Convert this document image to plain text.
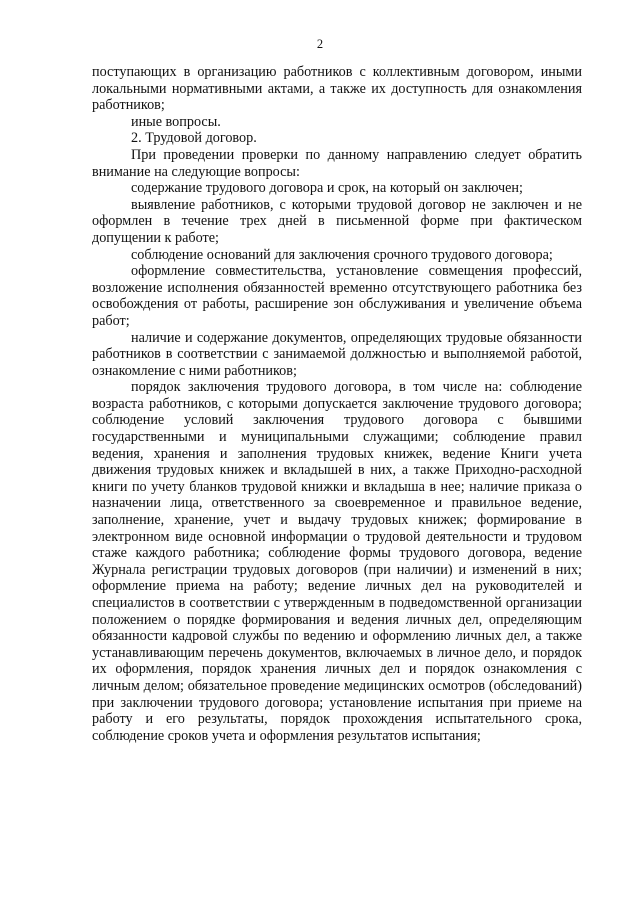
2

поступающих в организацию работников с коллективным договором, иными локальными нормативными актами, а также их доступность для ознакомления работников;

иные вопросы.

2. Трудовой договор.

При проведении проверки по данному направлению следует обратить внимание на следующие вопросы:

содержание трудового договора и срок, на который он заключен;

выявление работников, с которыми трудовой договор не заключен и не оформлен в течение трех дней в письменной форме при фактическом допущении к работе;

соблюдение оснований для заключения срочного трудового договора;

оформление совместительства, установление совмещения профессий, возложение исполнения обязанностей временно отсутствующего работника без освобождения от работы, расширение зон обслуживания и увеличение объема работ;

наличие и содержание документов, определяющих трудовые обязанности работников в соответствии с занимаемой должностью и выполняемой работой, ознакомление с ними работников;

порядок заключения трудового договора, в том числе на: соблюдение возраста работников, с которыми допускается заключение трудового договора; соблюдение условий заключения трудового договора с бывшими государственными и муниципальными служащими; соблюдение правил ведения, хранения и заполнения трудовых книжек, ведение Книги учета движения трудовых книжек и вкладышей в них, а также Приходно-расходной книги по учету бланков трудовой книжки и вкладыша в нее; наличие приказа о назначении лица, ответственного за своевременное и правильное ведение, заполнение, хранение, учет и выдачу трудовых книжек; формирование в электронном виде основной информации о трудовой деятельности и трудовом стаже каждого работника; соблюдение формы трудового договора, ведение Журнала регистрации трудовых договоров (при наличии) и изменений в них; оформление приема на работу; ведение личных дел на руководителей и специалистов в соответствии с утвержденным в подведомственной организации положением о порядке формирования и ведения личных дел, определяющим обязанности кадровой службы по ведению и оформлению личных дел, а также устанавливающим перечень документов, включаемых в личное дело, и порядок их оформления, порядок хранения личных дел и порядок ознакомления с личным делом; обязательное проведение медицинских осмотров (обследований) при заключении трудового договора; установление испытания при приеме на работу и его результаты, порядок прохождения испытательного срока, соблюдение сроков учета и оформления результатов испытания;
